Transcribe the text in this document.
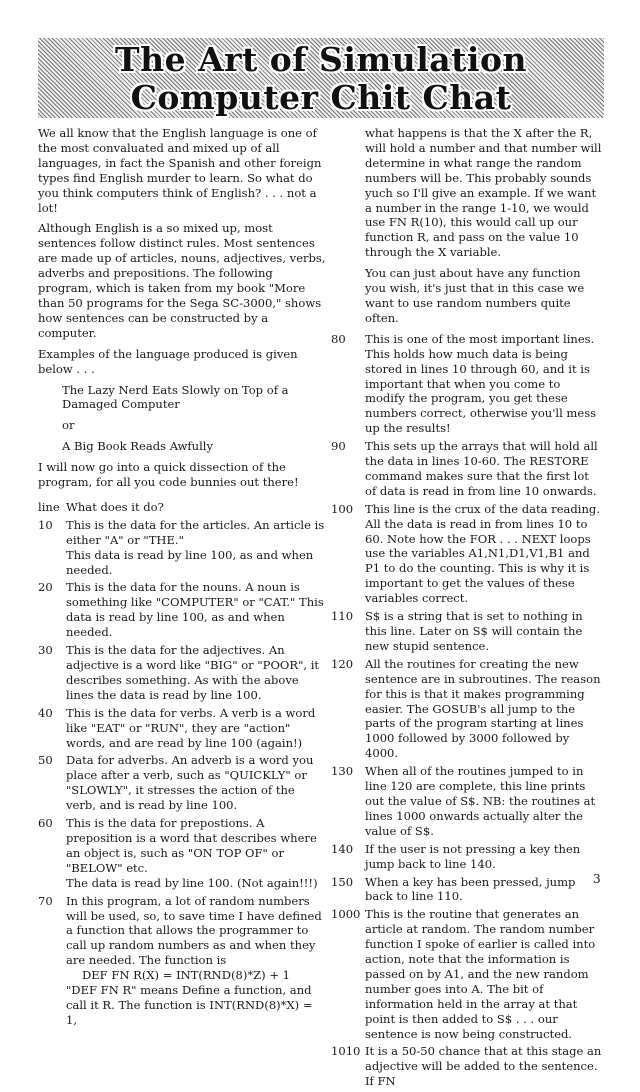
The Art of Simulation
Computer Chit Chat

We all know that the English language is one of the most convaluated and mixed up of all languages, in fact the Spanish and other foreign types find English murder to learn. So what do you think computers think of English? . . . not a lot!

Although English is a so mixed up, most sentences follow distinct rules. Most sentences are made up of articles, nouns, adjectives, verbs, adverbs and prepositions. The following program, which is taken from my book "More than 50 programs for the Sega SC-3000," shows how sentences can be constructed by a computer.

Examples of the language produced is given below . . .

The Lazy Nerd Eats Slowly on Top of a Damaged Computer

or

A Big Book Reads Awfully

I will now go into a quick dissection of the program, for all you code bunnies out there!

line What does it do?
10	This is the data for the articles. An article is either "A" or "THE."

This data is read by line 100, as and when needed.

20	This is the data for the nouns. A noun is something like "COMPUTER" or "CAT." This data is read by line 100, as and when needed.

30	This is the data for the adjectives. An adjective is a word like "BIG" or "POOR", it describes something. As with the above lines the data is read by line 100.

40	This is the data for verbs. A verb is a word like "EAT" or "RUN", they are "action" words, and are read by line 100 (again!)

50	Data for adverbs. An adverb is a word you place after a verb, such as "QUICKLY" or "SLOWLY", it stresses the action of the verb, and is read by line 100.

60	This is the data for prepostions. A preposition is a word that describes where an object is, such as "ON TOP OF" or "BELOW" etc.

The data is read by line 100. (Not again!!!)

70	In this program, a lot of random numbers will be used, so, to save time I have defined a function that allows the programmer to call up random numbers as and when they are needed. The function is

DEF FN R(X) = INT(RND(8)*Z) + 1

"DEF FN R" means Define a function, and call it R. The function is INT(RND(8)*X) = 1,

what happens is that the X after the R, will hold a number and that number will determine in what range the random numbers will be. This probably sounds yuch so I'll give an example. If we want a number in the range 1-10, we would use FN R(10), this would call up our function R, and pass on the value 10 through the X variable.

You can just about have any function you wish, it's just that in this case we want to use random numbers quite often.

80	This is one of the most important lines. This holds how much data is being stored in lines 10 through 60, and it is important that when you come to modify the program, you get these numbers correct, otherwise you'll mess up the results!

90	This sets up the arrays that will hold all the data in lines 10-60. The RESTORE command makes sure that the first lot of data is read in from line 10 onwards.

100	This line is the crux of the data reading. All the data is read in from lines 10 to 60. Note how the FOR . . . NEXT loops use the variables A1,N1,D1,V1,B1 and P1 to do the counting. This is why it is important to get the values of these variables correct.

110	S$ is a string that is set to nothing in this line. Later on S$ will contain the new stupid sentence.

120	All the routines for creating the new sentence are in subroutines. The reason for this is that it makes programming easier. The GOSUB's all jump to the parts of the program starting at lines 1000 followed by 3000 followed by 4000.

130	When all of the routines jumped to in line 120 are complete, this line prints out the value of S$. NB: the routines at lines 1000 onwards actually alter the value of S$.

140	If the user is not pressing a key then jump back to line 140.

150	When a key has been pressed, jump back to line 110.

1000 This is the routine that generates an article at random. The random number function I spoke of earlier is called into action, note that the information is passed on by A1, and the new random number goes into A. The bit of information held in the array at that point is then added to S$ . . . our sentence is now being constructed.

1010 It is a 50-50 chance that at this stage an adjective will be added to the sentence. If FN

3
